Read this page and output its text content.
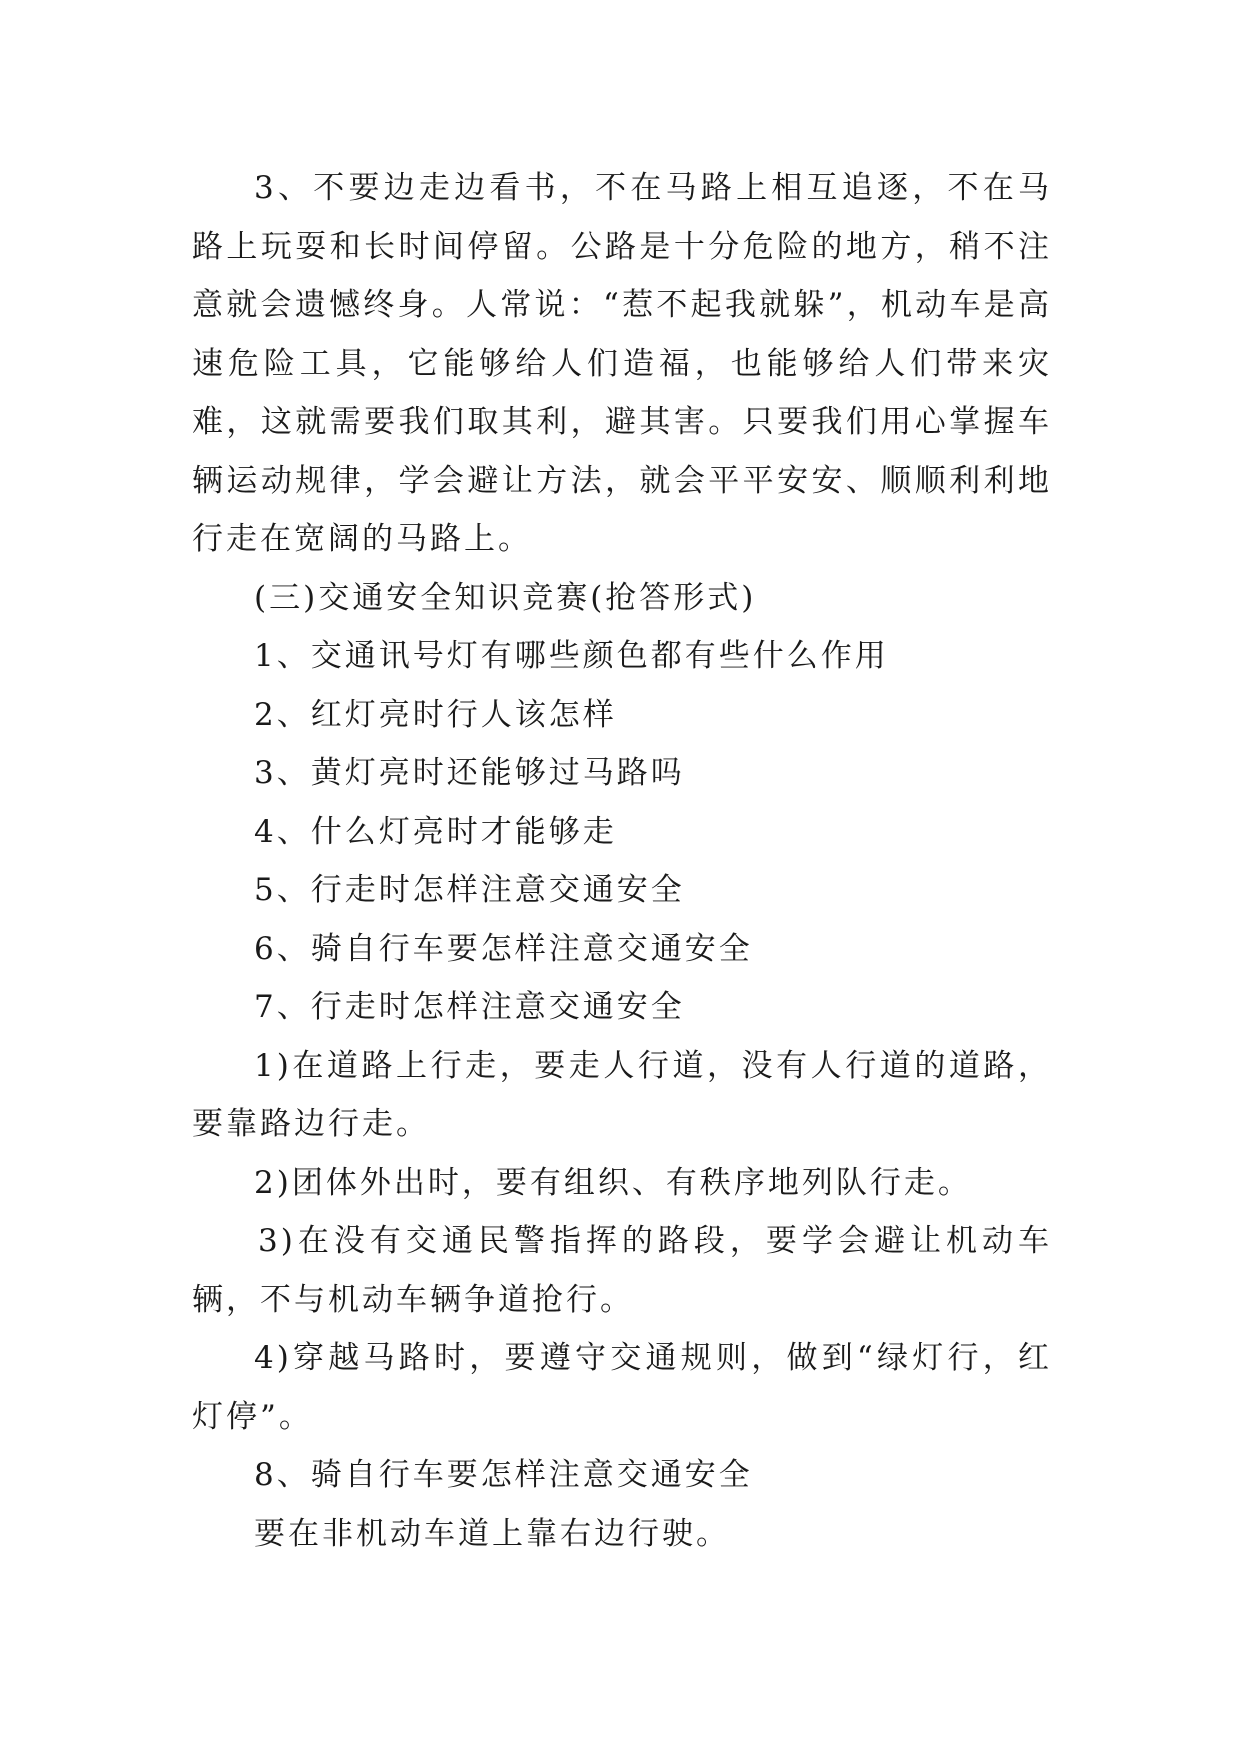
3、不要边走边看书，不在马路上相互追逐，不在马路上玩耍和长时间停留。公路是十分危险的地方，稍不注意就会遗憾终身。人常说：“惹不起我就躲”，机动车是高速危险工具，它能够给人们造福，也能够给人们带来灾难，这就需要我们取其利，避其害。只要我们用心掌握车辆运动规律，学会避让方法，就会平平安安、顺顺利利地行走在宽阔的马路上。

(三)交通安全知识竞赛(抢答形式)

1、交通讯号灯有哪些颜色都有些什么作用

2、红灯亮时行人该怎样

3、黄灯亮时还能够过马路吗

4、什么灯亮时才能够走

5、行走时怎样注意交通安全

6、骑自行车要怎样注意交通安全

7、行走时怎样注意交通安全

1)在道路上行走，要走人行道，没有人行道的道路，要靠路边行走。

2)团体外出时，要有组织、有秩序地列队行走。

3)在没有交通民警指挥的路段，要学会避让机动车辆，不与机动车辆争道抢行。

4)穿越马路时，要遵守交通规则，做到“绿灯行，红灯停”。

8、骑自行车要怎样注意交通安全

要在非机动车道上靠右边行驶。
